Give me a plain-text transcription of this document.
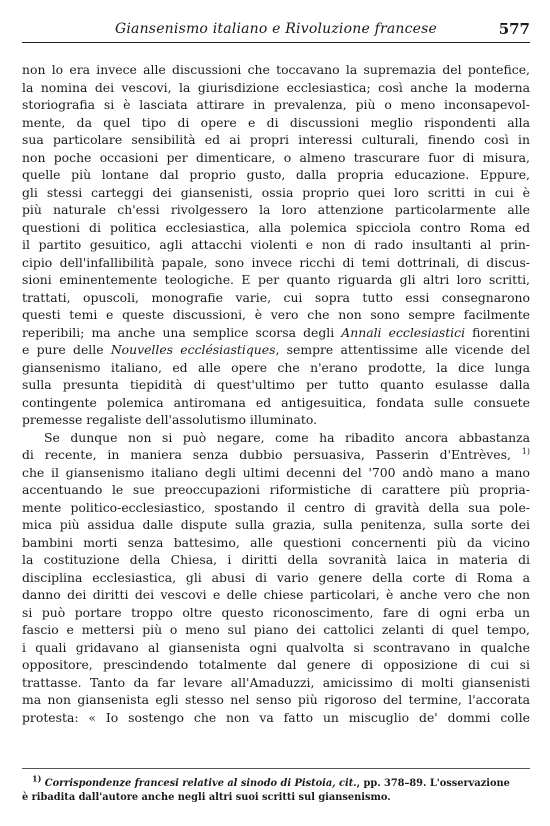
Giansenismo italiano e Rivoluzione francese	577
non lo era invece alle discussioni che toccavano la supremazia del pontefice,
la nomina dei vescovi, la giurisdizione ecclesiastica; così anche la moderna
storiografia si è lasciata attirare in prevalenza, più o meno inconsapevol-
mente, da quel tipo di opere e di discussioni meglio rispondenti alla
sua particolare sensibilità ed ai propri interessi culturali, finendo così in
non poche occasioni per dimenticare, o almeno trascurare fuor di misura,
quelle più lontane dal proprio gusto, dalla propria educazione. Eppure,
gli stessi carteggi dei giansenisti, ossia proprio quei loro scritti in cui è
più naturale ch'essi rivolgessero la loro attenzione particolarmente alle
questioni di politica ecclesiastica, alla polemica spicciola contro Roma ed
il partito gesuitico, agli attacchi violenti e non di rado insultanti al prin-
cipio dell'infallibilità papale, sono invece ricchi di temi dottrinali, di discus-
sioni eminentemente teologiche. E per quanto riguarda gli altri loro scritti,
trattati, opuscoli, monografie varie, cui sopra tutto essi consegnarono
questi temi e queste discussioni, è vero che non sono sempre facilmente
reperibili; ma anche una semplice scorsa degli Annali ecclesiastici fiorentini
e pure delle Nouvelles ecclésiastiques, sempre attentissime alle vicende del
giansenismo italiano, ed alle opere che n'erano prodotte, la dice lunga
sulla presunta tiepidità di quest'ultimo per tutto quanto esulasse dalla
contingente polemica antiromana ed antigesuitica, fondata sulle consuete
premesse regaliste dell'assolutismo illuminato.
Se dunque non si può negare, come ha ribadito ancora abbastanza
di recente, in maniera senza dubbio persuasiva, Passerin d'Entrèves, $^{1)}$
che il giansenismo italiano degli ultimi decenni del '700 andò mano a mano
accentuando le sue preoccupazioni riformistiche di carattere più propria-
mente politico-ecclesiastico, spostando il centro di gravità della sua pole-
mica più assidua dalle dispute sulla grazia, sulla penitenza, sulla sorte dei
bambini morti senza battesimo, alle questioni concernenti più da vicino
la costituzione della Chiesa, i diritti della sovranità laica in materia di
disciplina ecclesiastica, gli abusi di vario genere della corte di Roma a
danno dei diritti dei vescovi e delle chiese particolari, è anche vero che non
si può portare troppo oltre questo riconoscimento, fare di ogni erba un
fascio e mettersi più o meno sul piano dei cattolici zelanti di quel tempo,
i quali gridavano al giansenista ogni qualvolta si scontravano in qualche
oppositore, prescindendo totalmente dal genere di opposizione di cui si
trattasse. Tanto da far levare all'Amaduzzi, amicissimo di molti giansenisti
ma non giansenista egli stesso nel senso più rigoroso del termine, l'accorata
protesta: « Io sostengo che non va fatto un miscuglio de' dommi colle
$^{1)}$ Corrispondenze francesi relative al sinodo di Pistoia, cit., pp. 378–89. L'osservazione
è ribadita dall'autore anche negli altri suoi scritti sul giansenismo.
